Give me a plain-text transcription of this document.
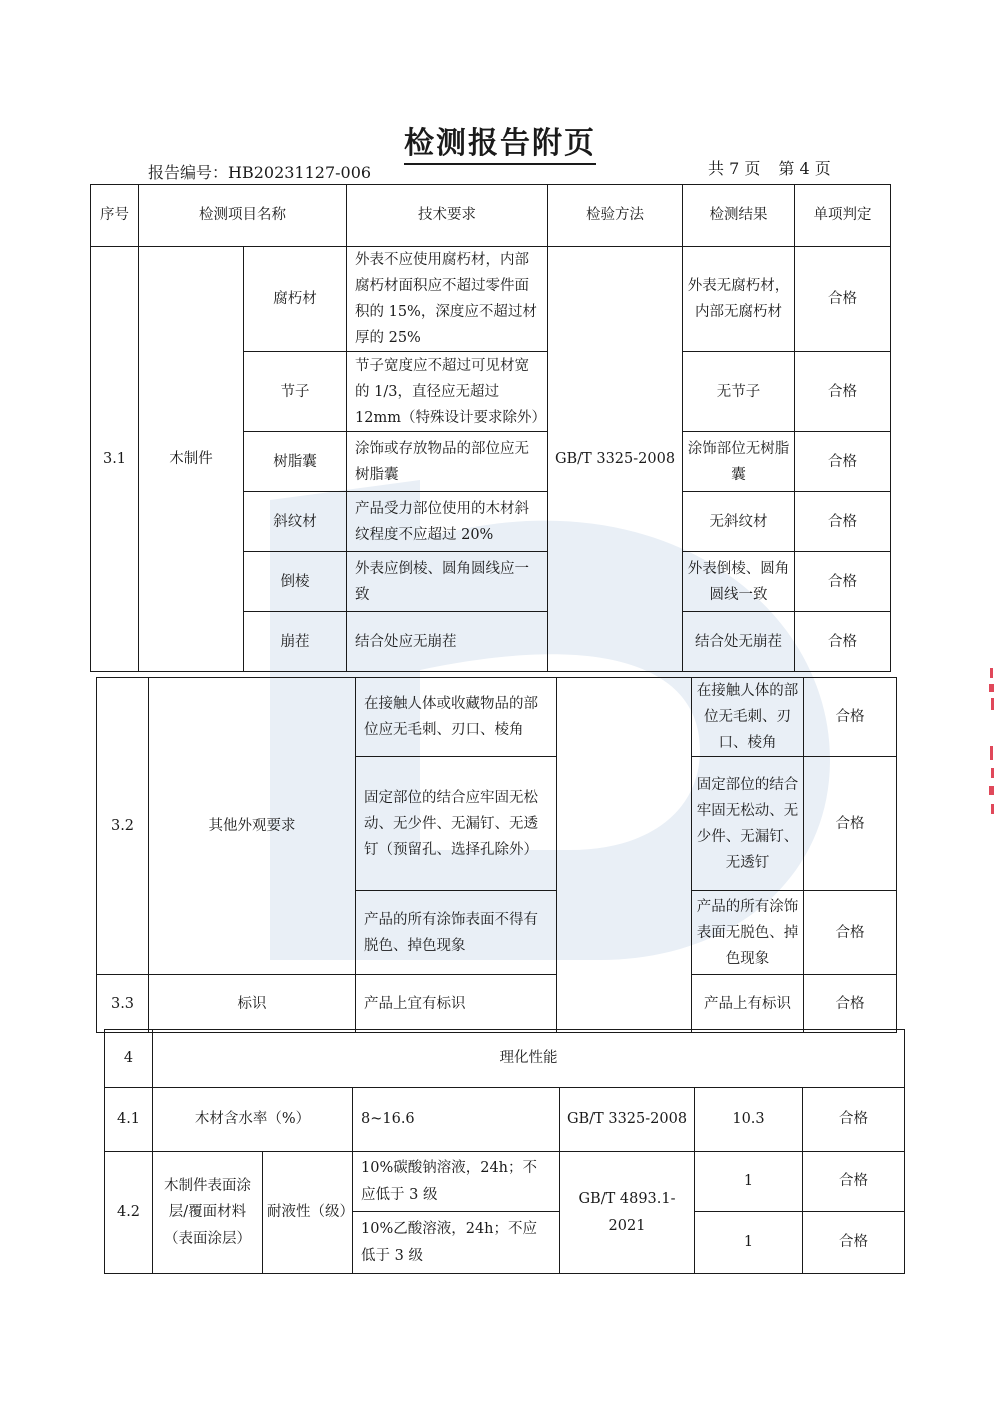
检测报告附页
报告编号：HB20231127-006	共 7 页 第 4 页
序号	检测项目名称		技术要求	检验方法	检测结果	单项判定
3.1	木制件	腐朽材	外表不应使用腐朽材，内部腐朽材面积应不超过零件面积的 15%，深度应不超过材厚的 25%	GB/T 3325-2008	外表无腐朽材，内部无腐朽材	合格
		节子	节子宽度应不超过可见材宽的 1/3，直径应无超过 12mm（特殊设计要求除外）		无节子	合格
		树脂囊	涂饰或存放物品的部位应无树脂囊		涂饰部位无树脂囊	合格
		斜纹材	产品受力部位使用的木材斜纹程度不应超过 20%		无斜纹材	合格
		倒棱	外表应倒棱、圆角圆线应一致		外表倒棱、圆角圆线一致	合格
		崩茬	结合处应无崩茬		结合处无崩茬	合格
3.2	其他外观要求	在接触人体或收藏物品的部位应无毛刺、刃口、棱角		在接触人体的部位无毛刺、刃口、棱角	合格
		固定部位的结合应牢固无松动、无少件、无漏钉、无透钉（预留孔、选择孔除外）		固定部位的结合牢固无松动、无少件、无漏钉、无透钉	合格
		产品的所有涂饰表面不得有脱色、掉色现象		产品的所有涂饰表面无脱色、掉色现象	合格
3.3	标识	产品上宜有标识		产品上有标识	合格
4	理化性能					
4.1	木材含水率（%）		8~16.6	GB/T 3325-2008	10.3	合格
4.2	木制件表面涂层/覆面材料（表面涂层）	耐液性（级）	10%碳酸钠溶液，24h；不应低于 3 级	GB/T 4893.1-2021	1	合格
			10%乙酸溶液，24h；不应低于 3 级		1	合格
